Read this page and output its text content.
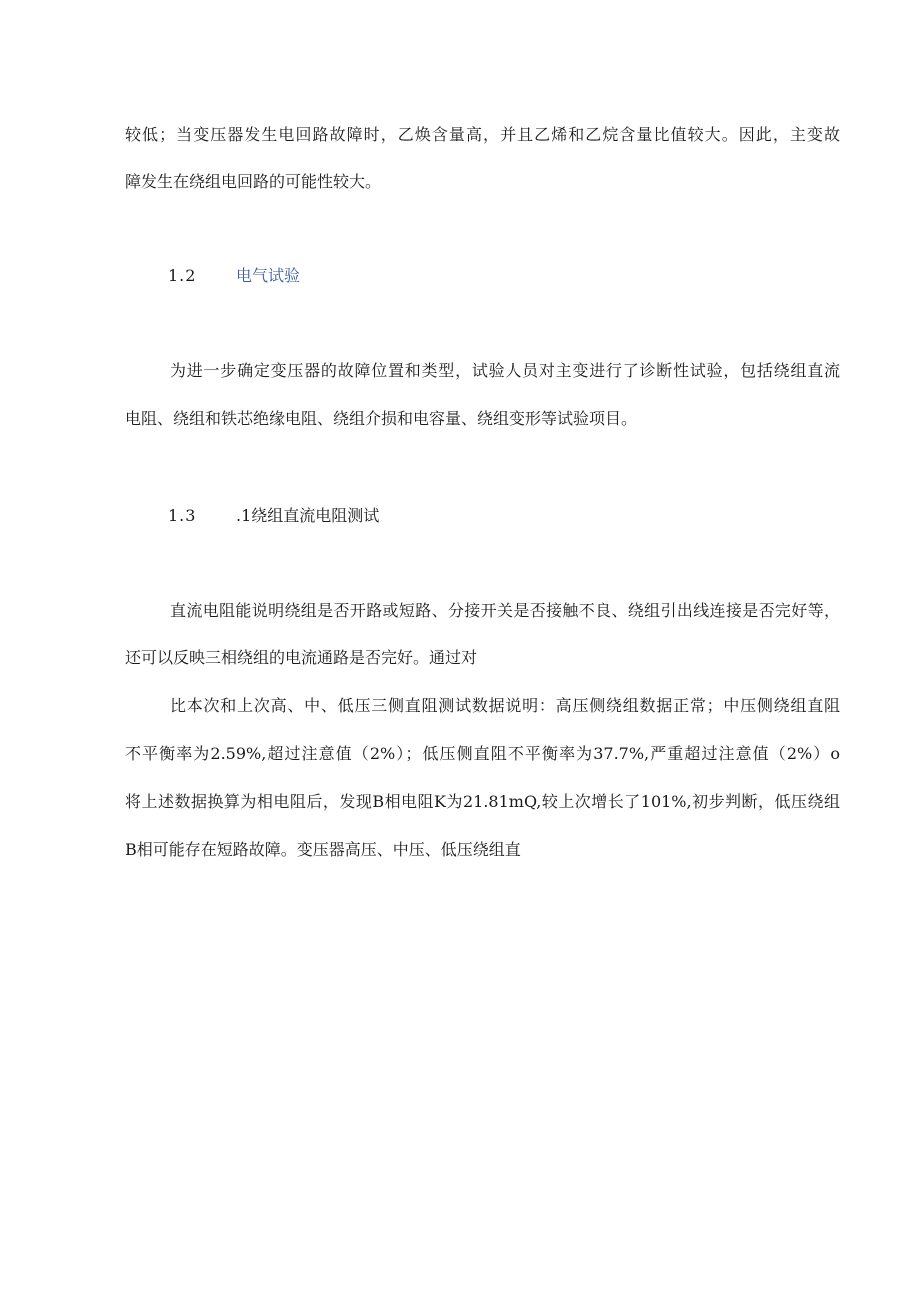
较低；当变压器发生电回路故障时，乙焕含量高，并且乙烯和乙烷含量比值较大。因此，主变故
障发生在绕组电回路的可能性较大。
1.2 电气试验
为进一步确定变压器的故障位置和类型，试验人员对主变进行了诊断性试验，包括绕组直流
电阻、绕组和铁芯绝缘电阻、绕组介损和电容量、绕组变形等试验项目。
1.3 .1绕组直流电阻测试
直流电阻能说明绕组是否开路或短路、分接开关是否接触不良、绕组引出线连接是否完好等，
还可以反映三相绕组的电流通路是否完好。通过对
比本次和上次高、中、低压三侧直阻测试数据说明：高压侧绕组数据正常；中压侧绕组直阻
不平衡率为2.59%,超过注意值（2%）；低压侧直阻不平衡率为37.7%,严重超过注意值（2%）o
将上述数据换算为相电阻后，发现B相电阻K为21.81mQ,较上次增长了101%,初步判断，低压绕组
B相可能存在短路故障。变压器高压、中压、低压绕组直
